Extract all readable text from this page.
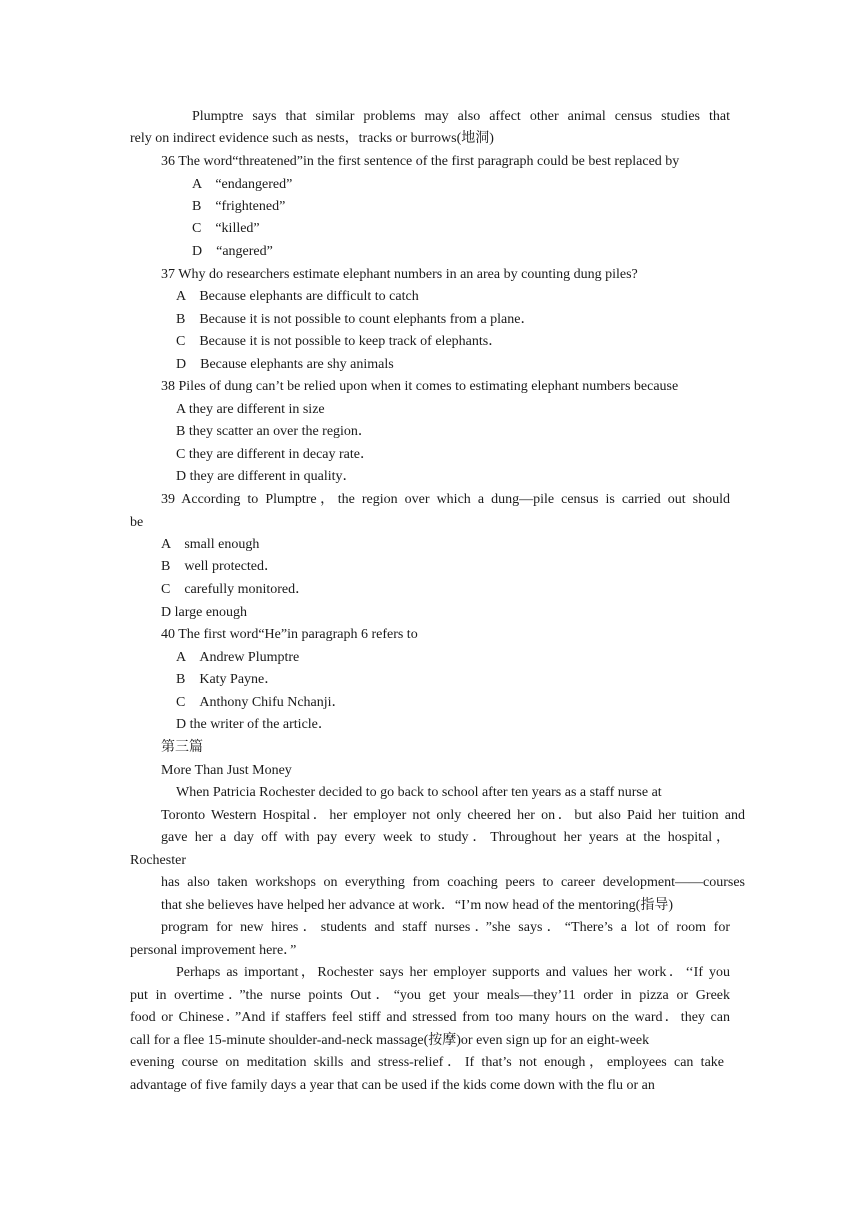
Plumptre says that similar problems may also affect other animal census studies that
rely on indirect evidence such as nests，tracks or burrows(地洞)
36 The word“threatened”in the first sentence of the first paragraph could be best replaced by
A　“endangered”
B　“frightened”
C　“killed”
D　“angered”
37 Why do researchers estimate elephant numbers in an area by counting dung piles?
A　Because elephants are difficult to catch
B　Because it is not possible to count elephants from a plane．
C　Because it is not possible to keep track of elephants．
D　Because elephants are shy animals
38 Piles of dung can’t be relied upon when it comes to estimating elephant numbers because
A they are different in size
B they scatter an over the region．
C they are different in decay rate．
D they are different in quality．
39 According to Plumptre，the region over which a dung—pile census is carried out should
be
A　small enough
B　well protected．
C　carefully monitored．
D large enough
40 The first word“He”in paragraph 6 refers to
A　Andrew Plumptre
B　Katy Payne．
C　Anthony Chifu Nchanji．
D the writer of the article．
第三篇
More Than Just Money
When Patricia Rochester decided to go back to school after ten years as a staff nurse at
Toronto Western Hospital．her employer not only cheered her on．but also Paid her tuition and
gave her a day off with pay every week to study．Throughout her years at the hospital，
Rochester
has also taken workshops on everything from coaching peers to career development——courses
that she believes have helped her advance at work．“I’m now head of the mentoring(指导)
program for new hires．students and staff nurses．”she says．“There’s a lot of room for
personal improvement here．”
Perhaps as important，Rochester says her employer supports and values her work．‘‘If you
put in overtime．”the nurse points Out．“you get your meals—they’11 order in pizza or Greek
food or Chinese．”And if staffers feel stiff and stressed from too many hours on the ward．they can
call for a flee 15-minute shoulder-and-neck massage(按摩)or even sign up for an eight-week
evening course on meditation skills and stress-relief．If that’s not enough，employees can take
advantage of five family days a year that can be used if the kids come down with the flu or an
